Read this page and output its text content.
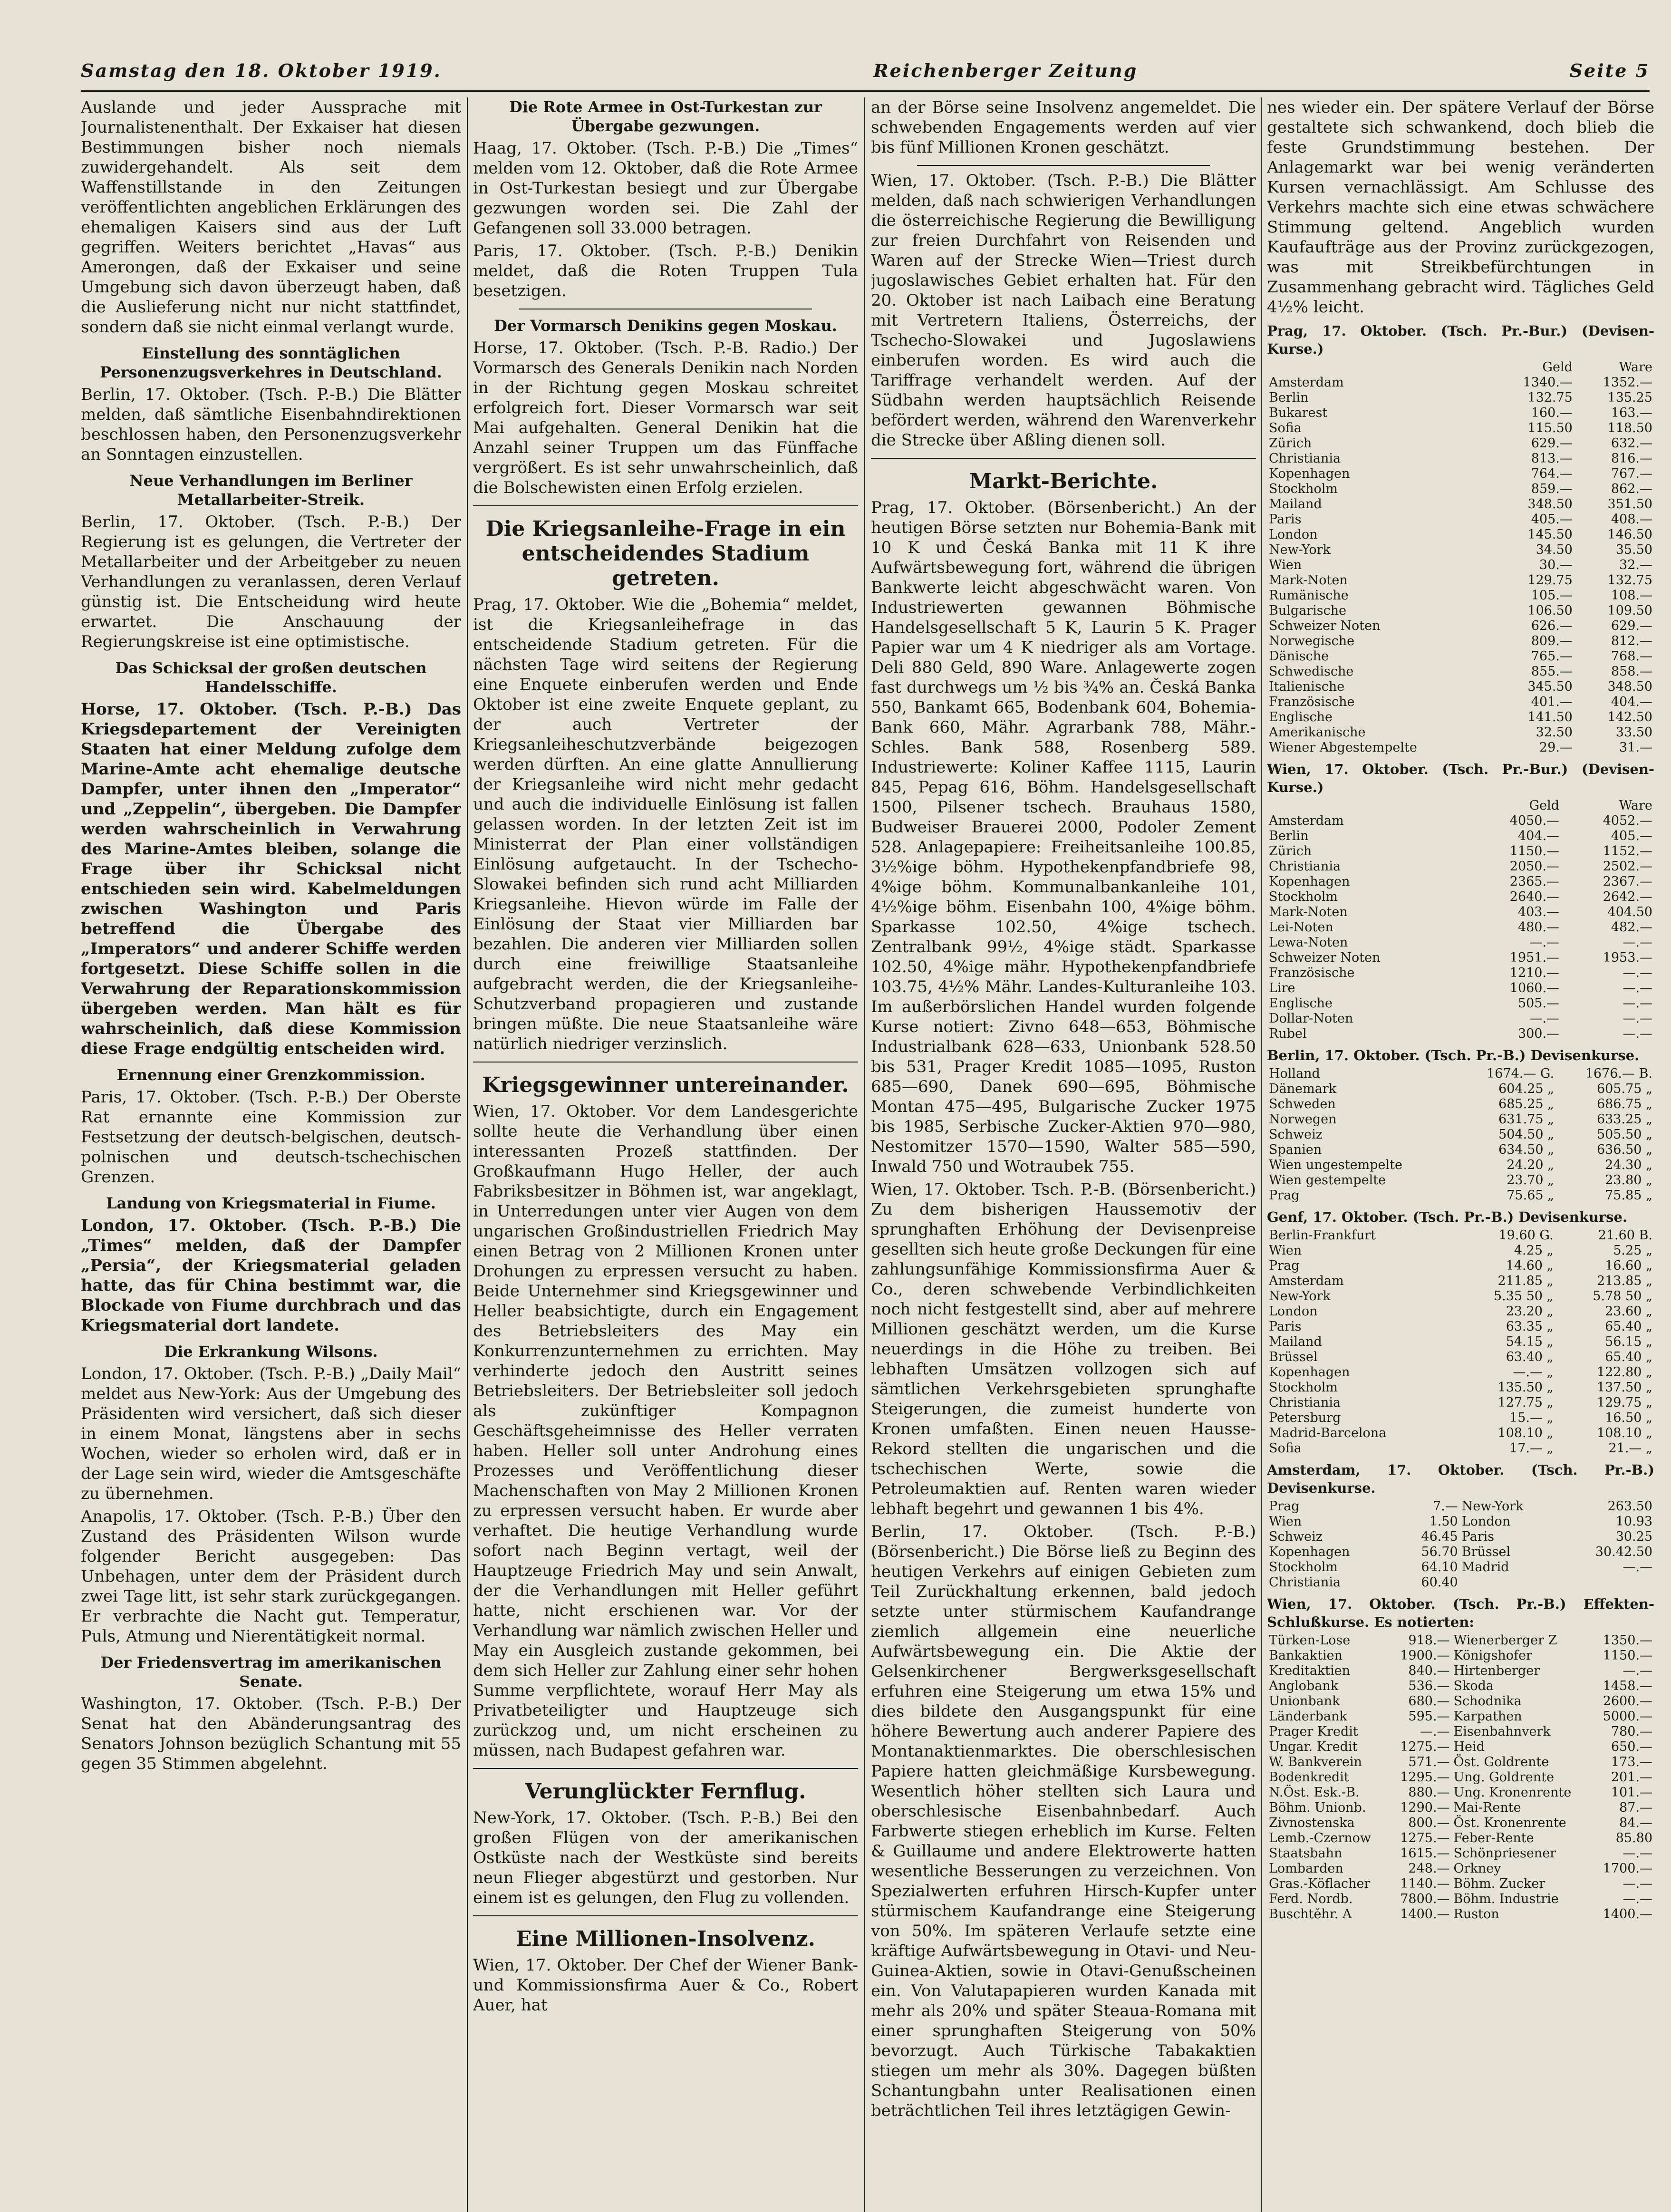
Samstag den 18. Oktober 1919.	Reichenberger Zeitung	Seite 5
Auslande und jeder Aussprache mit Journalistenenthalt. Der Exkaiser hat diesen Bestimmungen bisher noch niemals zuwidergehandelt. Als seit dem Waffenstillstande in den Zeitungen veröffentlichten angeblichen Erklärungen des ehemaligen Kaisers sind aus der Luft gegriffen. Weiters berichtet „Havas“ aus Amerongen, daß der Exkaiser und seine Umgebung sich davon überzeugt haben, daß die Auslieferung nicht nur nicht stattfindet, sondern daß sie nicht einmal verlangt wurde.
Einstellung des sonntäglichen Personenzugsverkehres in Deutschland.
Berlin, 17. Oktober. (Tsch. P.-B.) Die Blätter melden, daß sämtliche Eisenbahndirektionen beschlossen haben, den Personenzugsverkehr an Sonntagen einzustellen.
Neue Verhandlungen im Berliner Metallarbeiter-Streik.
Berlin, 17. Oktober. (Tsch. P.-B.) Der Regierung ist es gelungen, die Vertreter der Metallarbeiter und der Arbeitgeber zu neuen Verhandlungen zu veranlassen, deren Verlauf günstig ist. Die Entscheidung wird heute erwartet. Die Anschauung der Regierungskreise ist eine optimistische.
Das Schicksal der großen deutschen Handelsschiffe.
Horse, 17. Oktober. (Tsch. P.-B.) Das Kriegsdepartement der Vereinigten Staaten hat einer Meldung zufolge dem Marine-Amte acht ehemalige deutsche Dampfer, unter ihnen den „Imperator“ und „Zeppelin“, übergeben. Die Dampfer werden wahrscheinlich in Verwahrung des Marine-Amtes bleiben, solange die Frage über ihr Schicksal nicht entschieden sein wird. Kabelmeldungen zwischen Washington und Paris betreffend die Übergabe des „Imperators“ und anderer Schiffe werden fortgesetzt. Diese Schiffe sollen in die Verwahrung der Reparationskommission übergeben werden. Man hält es für wahrscheinlich, daß diese Kommission diese Frage endgültig entscheiden wird.
Ernennung einer Grenzkommission.
Paris, 17. Oktober. (Tsch. P.-B.) Der Oberste Rat ernannte eine Kommission zur Festsetzung der deutsch-belgischen, deutsch-polnischen und deutsch-tschechischen Grenzen.
Landung von Kriegsmaterial in Fiume.
London, 17. Oktober. (Tsch. P.-B.) Die „Times“ melden, daß der Dampfer „Persia“, der Kriegsmaterial geladen hatte, das für China bestimmt war, die Blockade von Fiume durchbrach und das Kriegsmaterial dort landete.
Die Erkrankung Wilsons.
London, 17. Oktober. (Tsch. P.-B.) „Daily Mail“ meldet aus New-York: Aus der Umgebung des Präsidenten wird versichert, daß sich dieser in einem Monat, längstens aber in sechs Wochen, wieder so erholen wird, daß er in der Lage sein wird, wieder die Amtsgeschäfte zu übernehmen.
Anapolis, 17. Oktober. (Tsch. P.-B.) Über den Zustand des Präsidenten Wilson wurde folgender Bericht ausgegeben: Das Unbehagen, unter dem der Präsident durch zwei Tage litt, ist sehr stark zurückgegangen. Er verbrachte die Nacht gut. Temperatur, Puls, Atmung und Nierentätigkeit normal.
Der Friedensvertrag im amerikanischen Senate.
Washington, 17. Oktober. (Tsch. P.-B.) Der Senat hat den Abänderungsantrag des Senators Johnson bezüglich Schantung mit 55 gegen 35 Stimmen abgelehnt.
Die Rote Armee in Ost-Turkestan zur Übergabe gezwungen.
Haag, 17. Oktober. (Tsch. P.-B.) Die „Times“ melden vom 12. Oktober, daß die Rote Armee in Ost-Turkestan besiegt und zur Übergabe gezwungen worden sei. Die Zahl der Gefangenen soll 33.000 betragen.
Paris, 17. Oktober. (Tsch. P.-B.) Denikin meldet, daß die Roten Truppen Tula besetzigen.
Der Vormarsch Denikins gegen Moskau.
Horse, 17. Oktober. (Tsch. P.-B. Radio.) Der Vormarsch des Generals Denikin nach Norden in der Richtung gegen Moskau schreitet erfolgreich fort. Dieser Vormarsch war seit Mai aufgehalten. General Denikin hat die Anzahl seiner Truppen um das Fünffache vergrößert. Es ist sehr unwahrscheinlich, daß die Bolschewisten einen Erfolg erzielen.
Die Kriegsanleihe-Frage in ein entscheidendes Stadium getreten.
Prag, 17. Oktober. Wie die „Bohemia“ meldet, ist die Kriegsanleihefrage in das entscheidende Stadium getreten. Für die nächsten Tage wird seitens der Regierung eine Enquete einberufen werden und Ende Oktober ist eine zweite Enquete geplant, zu der auch Vertreter der Kriegsanleiheschutzverbände beigezogen werden dürften. An eine glatte Annullierung der Kriegsanleihe wird nicht mehr gedacht und auch die individuelle Einlösung ist fallen gelassen worden. In der letzten Zeit ist im Ministerrat der Plan einer vollständigen Einlösung aufgetaucht. In der Tschecho-Slowakei befinden sich rund acht Milliarden Kriegsanleihe. Hievon würde im Falle der Einlösung der Staat vier Milliarden bar bezahlen. Die anderen vier Milliarden sollen durch eine freiwillige Staatsanleihe aufgebracht werden, die der Kriegsanleihe-Schutzverband propagieren und zustande bringen müßte. Die neue Staatsanleihe wäre natürlich niedriger verzinslich.
Kriegsgewinner untereinander.
Wien, 17. Oktober. Vor dem Landesgerichte sollte heute die Verhandlung über einen interessanten Prozeß stattfinden. Der Großkaufmann Hugo Heller, der auch Fabriksbesitzer in Böhmen ist, war angeklagt, in Unterredungen unter vier Augen von dem ungarischen Großindustriellen Friedrich May einen Betrag von 2 Millionen Kronen unter Drohungen zu erpressen versucht zu haben. Beide Unternehmer sind Kriegsgewinner und Heller beabsichtigte, durch ein Engagement des Betriebsleiters des May ein Konkurrenzunternehmen zu errichten. May verhinderte jedoch den Austritt seines Betriebsleiters. Der Betriebsleiter soll jedoch als zukünftiger Kompagnon Geschäftsgeheimnisse des Heller verraten haben. Heller soll unter Androhung eines Prozesses und Veröffentlichung dieser Machenschaften von May 2 Millionen Kronen zu erpressen versucht haben. Er wurde aber verhaftet. Die heutige Verhandlung wurde sofort nach Beginn vertagt, weil der Hauptzeuge Friedrich May und sein Anwalt, der die Verhandlungen mit Heller geführt hatte, nicht erschienen war. Vor der Verhandlung war nämlich zwischen Heller und May ein Ausgleich zustande gekommen, bei dem sich Heller zur Zahlung einer sehr hohen Summe verpflichtete, worauf Herr May als Privatbeteiligter und Hauptzeuge sich zurückzog und, um nicht erscheinen zu müssen, nach Budapest gefahren war.
Verunglückter Fernflug.
New-York, 17. Oktober. (Tsch. P.-B.) Bei den großen Flügen von der amerikanischen Ostküste nach der Westküste sind bereits neun Flieger abgestürzt und gestorben. Nur einem ist es gelungen, den Flug zu vollenden.
Eine Millionen-Insolvenz.
Wien, 17. Oktober. Der Chef der Wiener Bank- und Kommissionsfirma Auer & Co., Robert Auer, hat
an der Börse seine Insolvenz angemeldet. Die schwebenden Engagements werden auf vier bis fünf Millionen Kronen geschätzt.
Wien, 17. Oktober. (Tsch. P.-B.) Die Blätter melden, daß nach schwierigen Verhandlungen die österreichische Regierung die Bewilligung zur freien Durchfahrt von Reisenden und Waren auf der Strecke Wien—Triest durch jugoslawisches Gebiet erhalten hat. Für den 20. Oktober ist nach Laibach eine Beratung mit Vertretern Italiens, Österreichs, der Tschecho-Slowakei und Jugoslawiens einberufen worden. Es wird auch die Tariffrage verhandelt werden. Auf der Südbahn werden hauptsächlich Reisende befördert werden, während den Warenverkehr die Strecke über Aßling dienen soll.
Markt-Berichte.
Prag, 17. Oktober. (Börsenbericht.) An der heutigen Börse setzten nur Bohemia-Bank mit 10 K und Česká Banka mit 11 K ihre Aufwärtsbewegung fort, während die übrigen Bankwerte leicht abgeschwächt waren. Von Industriewerten gewannen Böhmische Handelsgesellschaft 5 K, Laurin 5 K. Prager Papier war um 4 K niedriger als am Vortage. Deli 880 Geld, 890 Ware. Anlagewerte zogen fast durchwegs um ½ bis ¾% an. Česká Banka 550, Bankamt 665, Bodenbank 604, Bohemia-Bank 660, Mähr. Agrarbank 788, Mähr.-Schles. Bank 588, Rosenberg 589. Industriewerte: Koliner Kaffee 1115, Laurin 845, Pepag 616, Böhm. Handelsgesellschaft 1500, Pilsener tschech. Brauhaus 1580, Budweiser Brauerei 2000, Podoler Zement 528. Anlagepapiere: Freiheitsanleihe 100.85, 3½%ige böhm. Hypothekenpfandbriefe 98, 4%ige böhm. Kommunalbankanleihe 101, 4½%ige böhm. Eisenbahn 100, 4%ige böhm. Sparkasse 102.50, 4%ige tschech. Zentralbank 99½, 4%ige städt. Sparkasse 102.50, 4%ige mähr. Hypothekenpfandbriefe 103.75, 4½% Mähr. Landes-Kulturanleihe 103. Im außerbörslichen Handel wurden folgende Kurse notiert: Zivno 648—653, Böhmische Industrialbank 628—633, Unionbank 528.50 bis 531, Prager Kredit 1085—1095, Ruston 685—690, Danek 690—695, Böhmische Montan 475—495, Bulgarische Zucker 1975 bis 1985, Serbische Zucker-Aktien 970—980, Nestomitzer 1570—1590, Walter 585—590, Inwald 750 und Wotraubek 755.
Wien, 17. Oktober. Tsch. P.-B. (Börsenbericht.) Zu dem bisherigen Haussemotiv der sprunghaften Erhöhung der Devisenpreise gesellten sich heute große Deckungen für eine zahlungsunfähige Kommissionsfirma Auer & Co., deren schwebende Verbindlichkeiten noch nicht festgestellt sind, aber auf mehrere Millionen geschätzt werden, um die Kurse neuerdings in die Höhe zu treiben. Bei lebhaften Umsätzen vollzogen sich auf sämtlichen Verkehrsgebieten sprunghafte Steigerungen, die zumeist hunderte von Kronen umfaßten. Einen neuen Hausse-Rekord stellten die ungarischen und die tschechischen Werte, sowie die Petroleumaktien auf. Renten waren wieder lebhaft begehrt und gewannen 1 bis 4%.
Berlin, 17. Oktober. (Tsch. P.-B.) (Börsenbericht.) Die Börse ließ zu Beginn des heutigen Verkehrs auf einigen Gebieten zum Teil Zurückhaltung erkennen, bald jedoch setzte unter stürmischem Kaufandrange ziemlich allgemein eine neuerliche Aufwärtsbewegung ein. Die Aktie der Gelsenkirchener Bergwerksgesellschaft erfuhren eine Steigerung um etwa 15% und dies bildete den Ausgangspunkt für eine höhere Bewertung auch anderer Papiere des Montanaktienmarktes. Die oberschlesischen Papiere hatten gleichmäßige Kursbewegung. Wesentlich höher stellten sich Laura und oberschlesische Eisenbahnbedarf. Auch Farbwerte stiegen erheblich im Kurse. Felten & Guillaume und andere Elektrowerte hatten wesentliche Besserungen zu verzeichnen. Von Spezialwerten erfuhren Hirsch-Kupfer unter stürmischem Kaufandrange eine Steigerung von 50%. Im späteren Verlaufe setzte eine kräftige Aufwärtsbewegung in Otavi- und Neu-Guinea-Aktien, sowie in Otavi-Genußscheinen ein. Von Valutapapieren wurden Kanada mit mehr als 20% und später Steaua-Romana mit einer sprunghaften Steigerung von 50% bevorzugt. Auch Türkische Tabakaktien stiegen um mehr als 30%. Dagegen büßten Schantungbahn unter Realisationen einen beträchtlichen Teil ihres letztägigen Gewin-
nes wieder ein. Der spätere Verlauf der Börse gestaltete sich schwankend, doch blieb die feste Grundstimmung bestehen. Der Anlagemarkt war bei wenig veränderten Kursen vernachlässigt. Am Schlusse des Verkehrs machte sich eine etwas schwächere Stimmung geltend. Angeblich wurden Kaufaufträge aus der Provinz zurückgezogen, was mit Streikbefürchtungen in Zusammenhang gebracht wird. Tägliches Geld 4½% leicht.
Prag, 17. Oktober. (Tsch. Pr.-Bur.) (Devisen-Kurse.)
	Geld	Ware
Amsterdam	1340.—	1352.—
Berlin	132.75	135.25
Bukarest	160.—	163.—
Sofia	115.50	118.50
Zürich	629.—	632.—
Christiania	813.—	816.—
Kopenhagen	764.—	767.—
Stockholm	859.—	862.—
Mailand	348.50	351.50
Paris	405.—	408.—
London	145.50	146.50
New-York	34.50	35.50
Wien	30.—	32.—
Mark-Noten	129.75	132.75
Rumänische	105.—	108.—
Bulgarische	106.50	109.50
Schweizer Noten	626.—	629.—
Norwegische	809.—	812.—
Dänische	765.—	768.—
Schwedische	855.—	858.—
Italienische	345.50	348.50
Französische	401.—	404.—
Englische	141.50	142.50
Amerikanische	32.50	33.50
Wiener Abgestempelte	29.—	31.—
Wien, 17. Oktober. (Tsch. Pr.-Bur.) (Devisen-Kurse.)
	Geld	Ware
Amsterdam	4050.—	4052.—
Berlin	404.—	405.—
Zürich	1150.—	1152.—
Christiania	2050.—	2502.—
Kopenhagen	2365.—	2367.—
Stockholm	2640.—	2642.—
Mark-Noten	403.—	404.50
Lei-Noten	480.—	482.—
Lewa-Noten	—.—	—.—
Schweizer Noten	1951.—	1953.—
Französische	1210.—	—.—
Lire	1060.—	—.—
Englische	505.—	—.—
Dollar-Noten	—.—	—.—
Rubel	300.—	—.—
Berlin, 17. Oktober. (Tsch. Pr.-B.) Devisenkurse.
Holland	1674.— G.	1676.— B.
Dänemark	604.25 „	605.75 „
Schweden	685.25 „	686.75 „
Norwegen	631.75 „	633.25 „
Schweiz	504.50 „	505.50 „
Spanien	634.50 „	636.50 „
Wien ungestempelte	24.20 „	24.30 „
Wien gestempelte	23.70 „	23.80 „
Prag	75.65 „	75.85 „
Genf, 17. Oktober. (Tsch. Pr.-B.) Devisenkurse.
Berlin-Frankfurt	19.60 G.	21.60 B.
Wien	4.25 „	5.25 „
Prag	14.60 „	16.60 „
Amsterdam	211.85 „	213.85 „
New-York	5.35 50 „	5.78 50 „
London	23.20 „	23.60 „
Paris	63.35 „	65.40 „
Mailand	54.15 „	56.15 „
Brüssel	63.40 „	65.40 „
Kopenhagen	—.— „	122.80 „
Stockholm	135.50 „	137.50 „
Christiania	127.75 „	129.75 „
Petersburg	15.— „	16.50 „
Madrid-Barcelona	108.10 „	108.10 „
Sofia	17.— „	21.— „
Amsterdam, 17. Oktober. (Tsch. Pr.-B.) Devisenkurse.
Prag	7.—	New-York	263.50
Wien	1.50	London	10.93
Schweiz	46.45	Paris	30.25
Kopenhagen	56.70	Brüssel	30.42.50
Stockholm	64.10	Madrid	—.—
Christiania	60.40		
Wien, 17. Oktober. (Tsch. Pr.-B.) Effekten-Schlußkurse. Es notierten:
Türken-Lose	918.—	Wienerberger Z	1350.—
Bankaktien	1900.—	Königshofer	1150.—
Kreditaktien	840.—	Hirtenberger	—.—
Anglobank	536.—	Skoda	1458.—
Unionbank	680.—	Schodnika	2600.—
Länderbank	595.—	Karpathen	5000.—
Prager Kredit	—.—	Eisenbahnverk	780.—
Ungar. Kredit	1275.—	Heid	650.—
W. Bankverein	571.—	Öst. Goldrente	173.—
Bodenkredit	1295.—	Ung. Goldrente	201.—
N.Öst. Esk.-B.	880.—	Ung. Kronenrente	101.—
Böhm. Unionb.	1290.—	Mai-Rente	87.—
Zivnostenska	800.—	Öst. Kronenrente	84.—
Lemb.-Czernow	1275.—	Feber-Rente	85.80
Staatsbahn	1615.—	Schönpriesener	—.—
Lombarden	248.—	Orkney	1700.—
Gras.-Köflacher	1140.—	Böhm. Zucker	—.—
Ferd. Nordb.	7800.—	Böhm. Industrie	—.—
Buschtěhr. A	1400.—	Ruston	1400.—
